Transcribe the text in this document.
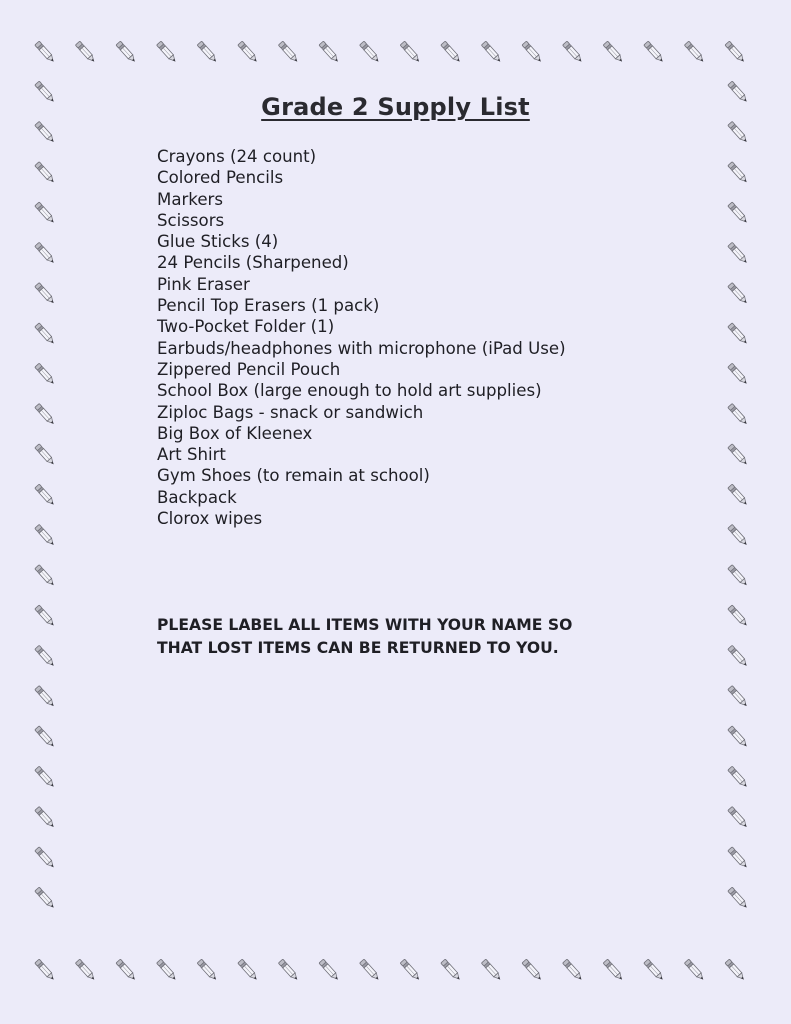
Grade 2 Supply List
Crayons (24 count)
Colored Pencils
Markers
Scissors
Glue Sticks (4)
24 Pencils (Sharpened)
Pink Eraser
Pencil Top Erasers (1 pack)
Two-Pocket Folder (1)
Earbuds/headphones with microphone (iPad Use)
Zippered Pencil Pouch
School Box (large enough to hold art supplies)
Ziploc Bags - snack or sandwich
Big Box of Kleenex
Art Shirt
Gym Shoes (to remain at school)
Backpack
Clorox wipes

PLEASE LABEL ALL ITEMS WITH YOUR NAME SO THAT LOST ITEMS CAN BE RETURNED TO YOU.
